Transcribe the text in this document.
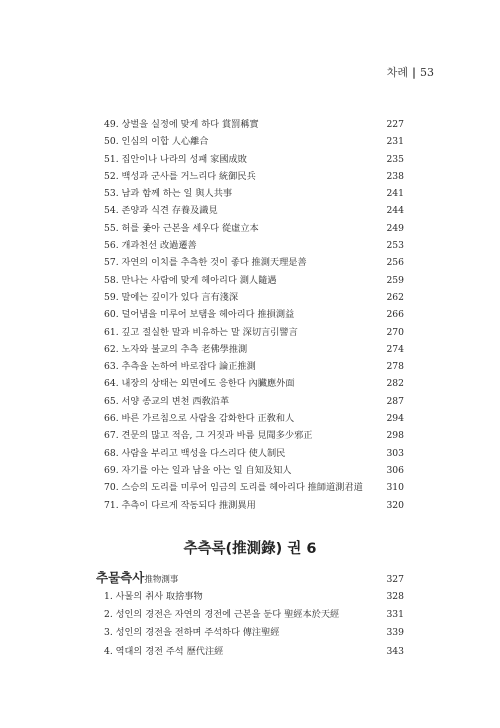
차례 | 53
49. 상벌을 실정에 맞게 하다 賞罰稱實	227
50. 인심의 이합 人心離合	231
51. 집안이나 나라의 성패 家國成敗	235
52. 백성과 군사를 거느리다 統御民兵	238
53. 남과 함께 하는 일 與人共事	241
54. 존양과 식견 存養及識見	244
55. 허를 좇아 근본을 세우다 從虛立本	249
56. 개과천선 改過遷善	253
57. 자연의 이치를 추측한 것이 좋다 推測天理是善	256
58. 만나는 사람에 맞게 헤아리다 測人隨遇	259
59. 말에는 깊이가 있다 言有淺深	262
60. 덜어냄을 미루어 보탬을 헤아리다 推損測益	266
61. 깊고 절실한 말과 비유하는 말 深切言引譬言	270
62. 노자와 불교의 추측 老佛學推測	274
63. 추측을 논하여 바로잡다 論正推測	278
64. 내장의 상태는 외면에도 응한다 內臟應外面	282
65. 서양 종교의 변천 西敎沿革	287
66. 바른 가르침으로 사람을 감화한다 正敎和人	294
67. 견문의 많고 적음, 그 거짓과 바름 見聞多少邪正	298
68. 사람을 부리고 백성을 다스리다 使人制民	303
69. 자기를 아는 일과 남을 아는 일 自知及知人	306
70. 스승의 도리를 미루어 임금의 도리를 헤아리다 推師道測君道	310
71. 추측이 다르게 작동되다 推測異用	320
추측록(推測錄) 권 6
추물측사推物測事	327
1. 사물의 취사 取捨事物	328
2. 성인의 경전은 자연의 경전에 근본을 둔다 聖經本於天經	331
3. 성인의 경전을 전하며 주석하다 傳注聖經	339
4. 역대의 경전 주석 歷代注經	343
